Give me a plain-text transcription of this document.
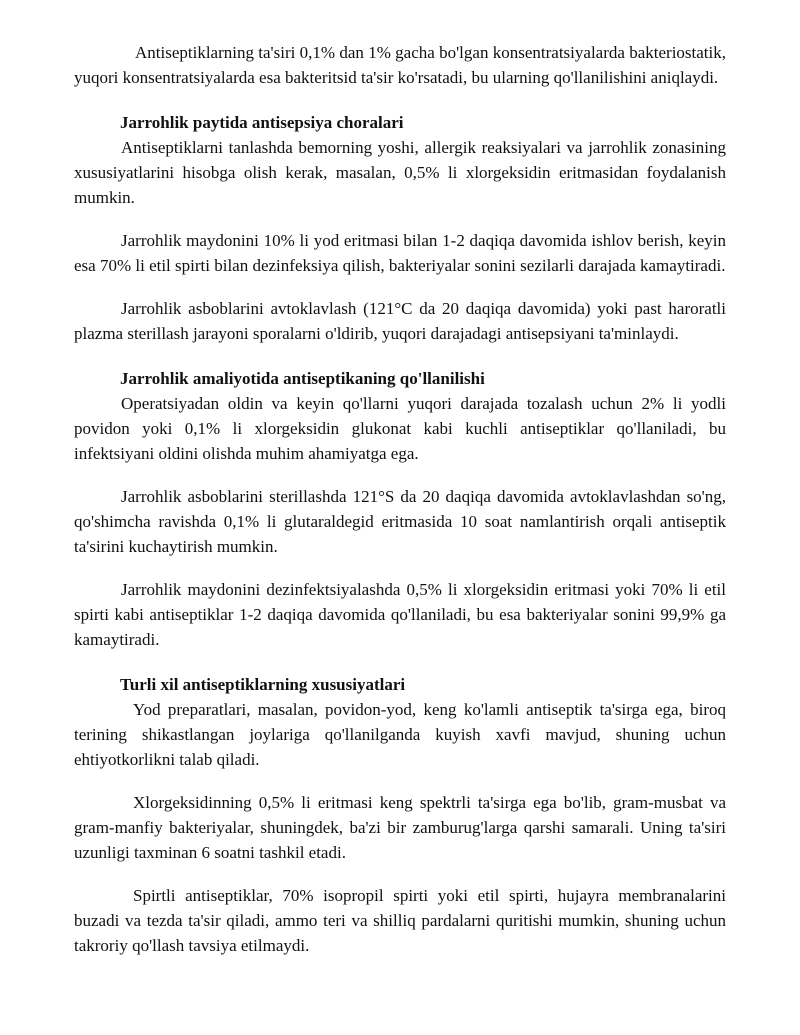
Antiseptiklarning ta'siri 0,1% dan 1% gacha bo'lgan konsentratsiyalarda bakteriostatik, yuqori konsentratsiyalarda esa bakteritsid ta'sir ko'rsatadi, bu ularning qo'llanilishini aniqlaydi.

Jarrohlik paytida antisepsiya choralari

Antiseptiklarni tanlashda bemorning yoshi, allergik reaksiyalari va jarrohlik zonasining xususiyatlarini hisobga olish kerak, masalan, 0,5% li xlorgeksidin eritmasidan foydalanish mumkin.

Jarrohlik maydonini 10% li yod eritmasi bilan 1-2 daqiqa davomida ishlov berish, keyin esa 70% li etil spirti bilan dezinfeksiya qilish, bakteriyalar sonini sezilarli darajada kamaytiradi.

Jarrohlik asboblarini avtoklavlash (121°C da 20 daqiqa davomida) yoki past haroratli plazma sterillash jarayoni sporalarni o'ldirib, yuqori darajadagi antisepsiyani ta'minlaydi.

Jarrohlik amaliyotida antiseptikaning qo'llanilishi

Operatsiyadan oldin va keyin qo'llarni yuqori darajada tozalash uchun 2% li yodli povidon yoki 0,1% li xlorgeksidin glukonat kabi kuchli antiseptiklar qo'llaniladi, bu infektsiyani oldini olishda muhim ahamiyatga ega.

Jarrohlik asboblarini sterillashda 121°S da 20 daqiqa davomida avtoklavlashdan so'ng, qo'shimcha ravishda 0,1% li glutaraldegid eritmasida 10 soat namlantirish orqali antiseptik ta'sirini kuchaytirish mumkin.

Jarrohlik maydonini dezinfektsiyalashda 0,5% li xlorgeksidin eritmasi yoki 70% li etil spirti kabi antiseptiklar 1-2 daqiqa davomida qo'llaniladi, bu esa bakteriyalar sonini 99,9% ga kamaytiradi.

Turli xil antiseptiklarning xususiyatlari

Yod preparatlari, masalan, povidon-yod, keng ko'lamli antiseptik ta'sirga ega, biroq terining shikastlangan joylariga qo'llanilganda kuyish xavfi mavjud, shuning uchun ehtiyotkorlikni talab qiladi.

Xlorgeksidinning 0,5% li eritmasi keng spektrli ta'sirga ega bo'lib, gram-musbat va gram-manfiy bakteriyalar, shuningdek, ba'zi bir zamburug'larga qarshi samarali. Uning ta'siri uzunligi taxminan 6 soatni tashkil etadi.

Spirtli antiseptiklar, 70% isopropil spirti yoki etil spirti, hujayra membranalarini buzadi va tezda ta'sir qiladi, ammo teri va shilliq pardalarni quritishi mumkin, shuning uchun takroriy qo'llash tavsiya etilmaydi.
